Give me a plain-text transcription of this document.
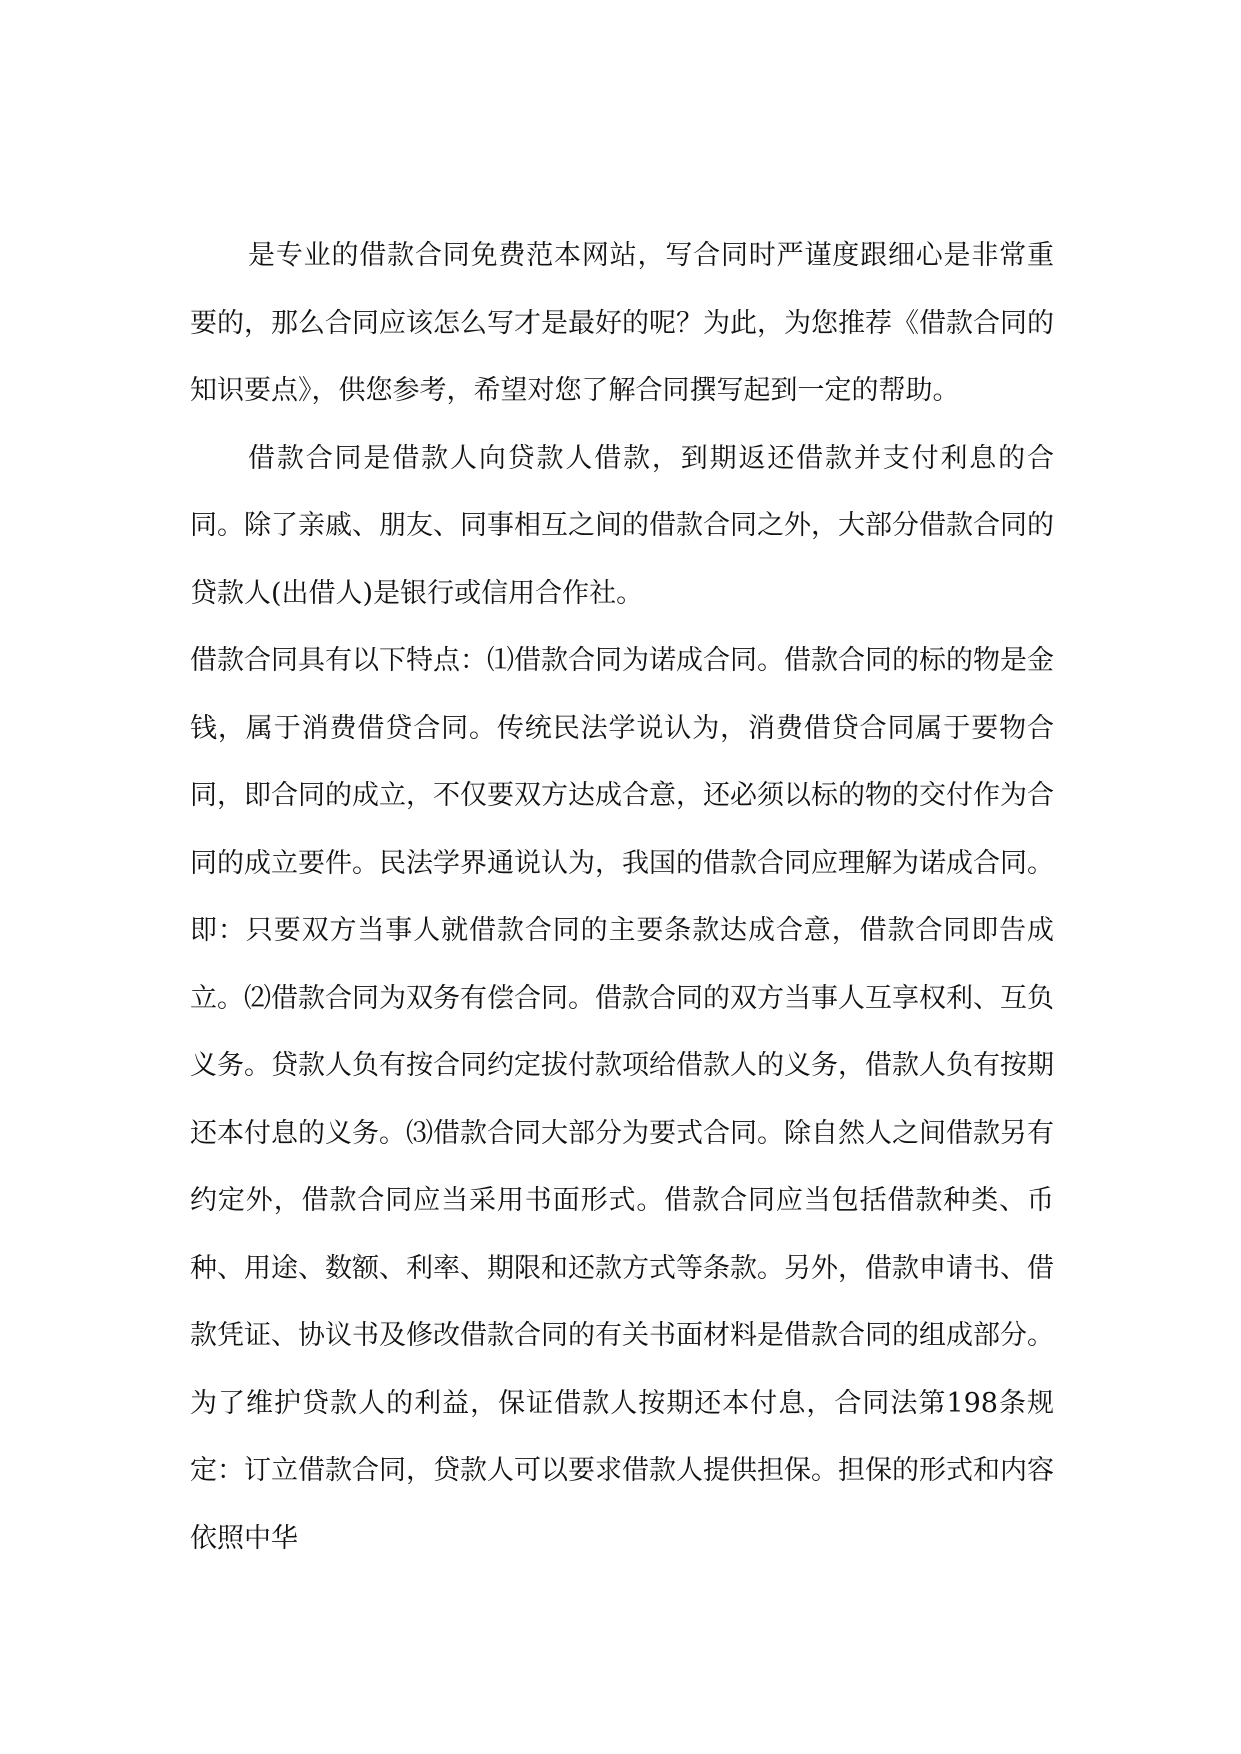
是专业的借款合同免费范本网站，写合同时严谨度跟细心是非常重要的，那么合同应该怎么写才是最好的呢？为此，为您推荐《借款合同的知识要点》，供您参考，希望对您了解合同撰写起到一定的帮助。

借款合同是借款人向贷款人借款，到期返还借款并支付利息的合同。除了亲戚、朋友、同事相互之间的借款合同之外，大部分借款合同的贷款人(出借人)是银行或信用合作社。

借款合同具有以下特点：⑴借款合同为诺成合同。借款合同的标的物是金钱，属于消费借贷合同。传统民法学说认为，消费借贷合同属于要物合同，即合同的成立，不仅要双方达成合意，还必须以标的物的交付作为合同的成立要件。民法学界通说认为，我国的借款合同应理解为诺成合同。即：只要双方当事人就借款合同的主要条款达成合意，借款合同即告成立。⑵借款合同为双务有偿合同。借款合同的双方当事人互享权利、互负义务。贷款人负有按合同约定拔付款项给借款人的义务，借款人负有按期还本付息的义务。⑶借款合同大部分为要式合同。除自然人之间借款另有约定外，借款合同应当采用书面形式。借款合同应当包括借款种类、币种、用途、数额、利率、期限和还款方式等条款。另外，借款申请书、借款凭证、协议书及修改借款合同的有关书面材料是借款合同的组成部分。 为了维护贷款人的利益，保证借款人按期还本付息，合同法第198条规定：订立借款合同，贷款人可以要求借款人提供担保。担保的形式和内容依照中华
